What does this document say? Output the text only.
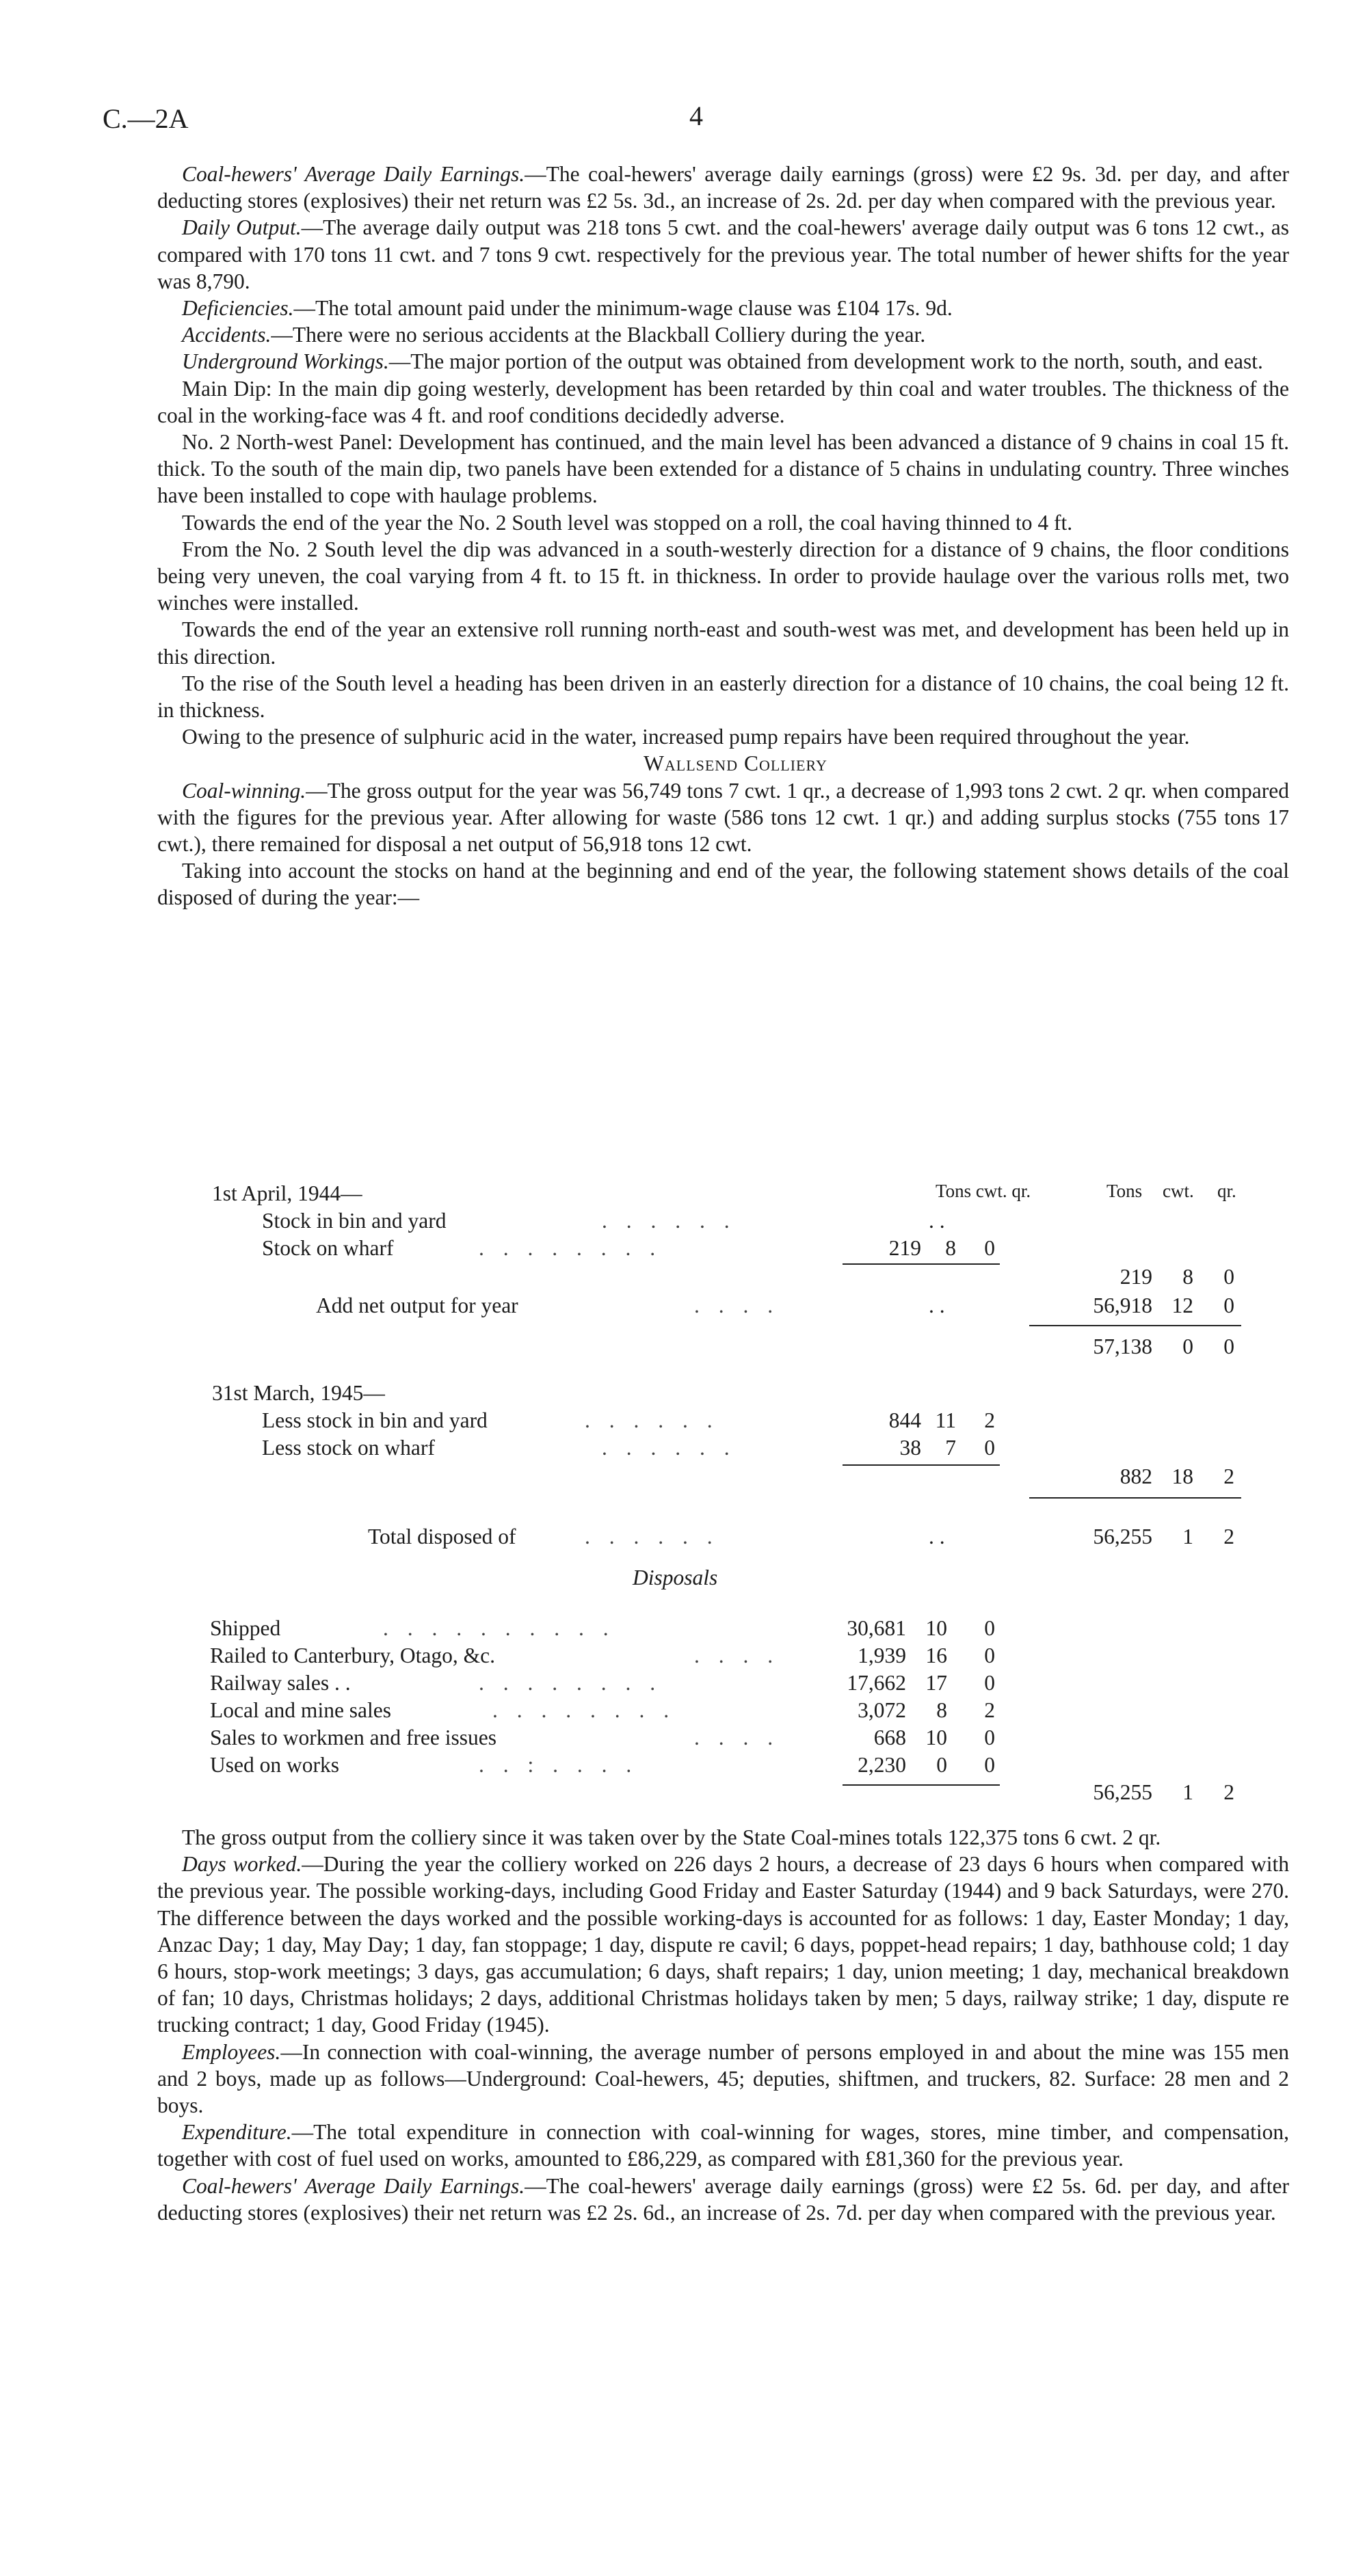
C.—2A	4

Coal-hewers' Average Daily Earnings.—The coal-hewers' average daily earnings (gross) were £2 9s. 3d. per day, and after deducting stores (explosives) their net return was £2 5s. 3d., an increase of 2s. 2d. per day when compared with the previous year.

Daily Output.—The average daily output was 218 tons 5 cwt. and the coal-hewers' average daily output was 6 tons 12 cwt., as compared with 170 tons 11 cwt. and 7 tons 9 cwt. respectively for the previous year. The total number of hewer shifts for the year was 8,790.

Deficiencies.—The total amount paid under the minimum-wage clause was £104 17s. 9d.

Accidents.—There were no serious accidents at the Blackball Colliery during the year.

Underground Workings.—The major portion of the output was obtained from development work to the north, south, and east.

Main Dip: In the main dip going westerly, development has been retarded by thin coal and water troubles. The thickness of the coal in the working-face was 4 ft. and roof conditions decidedly adverse.

No. 2 North-west Panel: Development has continued, and the main level has been advanced a distance of 9 chains in coal 15 ft. thick. To the south of the main dip, two panels have been extended for a distance of 5 chains in undulating country. Three winches have been installed to cope with haulage problems.

Towards the end of the year the No. 2 South level was stopped on a roll, the coal having thinned to 4 ft.

From the No. 2 South level the dip was advanced in a south-westerly direction for a distance of 9 chains, the floor conditions being very uneven, the coal varying from 4 ft. to 15 ft. in thickness. In order to provide haulage over the various rolls met, two winches were installed.

Towards the end of the year an extensive roll running north-east and south-west was met, and development has been held up in this direction.

To the rise of the South level a heading has been driven in an easterly direction for a distance of 10 chains, the coal being 12 ft. in thickness.

Owing to the presence of sulphuric acid in the water, increased pump repairs have been required throughout the year.

Wallsend Colliery

Coal-winning.—The gross output for the year was 56,749 tons 7 cwt. 1 qr., a decrease of 1,993 tons 2 cwt. 2 qr. when compared with the figures for the previous year. After allowing for waste (586 tons 12 cwt. 1 qr.) and adding surplus stocks (755 tons 17 cwt.), there remained for disposal a net output of 56,918 tons 12 cwt.

Taking into account the stocks on hand at the beginning and end of the year, the following statement shows details of the coal disposed of during the year:—

Tons cwt. qr.	Tons cwt. qr.
1st April, 1944—
Stock in bin and yard	. . . . . .	. .
Stock on wharf	. . . . . . . .	219	8	0
219	8	0
Add net output for year	. . . .	. .	56,918 12	0
57,138	0	0
31st March, 1945—
Less stock in bin and yard	. . . . . .	844 11	2
Less stock on wharf	. . . . . .	38	7	0
882 18	2
Total disposed of	. . . . . .	. .	56,255	1	2
Disposals
Shipped	. . . . . . . . . .	30,681 10	0
Railed to Canterbury, Otago, &c.	. . . .	1,939 16	0
Railway sales . .	. . . . . . . .	17,662 17	0
Local and mine sales	. . . . . . . .	3,072	8	2
Sales to workmen and free issues	. . . .	668 10	0
Used on works	. . : . . . .	2,230	0	0
56,255	1	2

The gross output from the colliery since it was taken over by the State Coal-mines totals 122,375 tons 6 cwt. 2 qr.

Days worked.—During the year the colliery worked on 226 days 2 hours, a decrease of 23 days 6 hours when compared with the previous year. The possible working-days, including Good Friday and Easter Saturday (1944) and 9 back Saturdays, were 270. The difference between the days worked and the possible working-days is accounted for as follows: 1 day, Easter Monday; 1 day, Anzac Day; 1 day, May Day; 1 day, fan stoppage; 1 day, dispute re cavil; 6 days, poppet-head repairs; 1 day, bathhouse cold; 1 day 6 hours, stop-work meetings; 3 days, gas accumulation; 6 days, shaft repairs; 1 day, union meeting; 1 day, mechanical breakdown of fan; 10 days, Christmas holidays; 2 days, additional Christmas holidays taken by men; 5 days, railway strike; 1 day, dispute re trucking contract; 1 day, Good Friday (1945).

Employees.—In connection with coal-winning, the average number of persons employed in and about the mine was 155 men and 2 boys, made up as follows—Underground: Coal-hewers, 45; deputies, shiftmen, and truckers, 82. Surface: 28 men and 2 boys.

Expenditure.—The total expenditure in connection with coal-winning for wages, stores, mine timber, and compensation, together with cost of fuel used on works, amounted to £86,229, as compared with £81,360 for the previous year.

Coal-hewers' Average Daily Earnings.—The coal-hewers' average daily earnings (gross) were £2 5s. 6d. per day, and after deducting stores (explosives) their net return was £2 2s. 6d., an increase of 2s. 7d. per day when compared with the previous year.
